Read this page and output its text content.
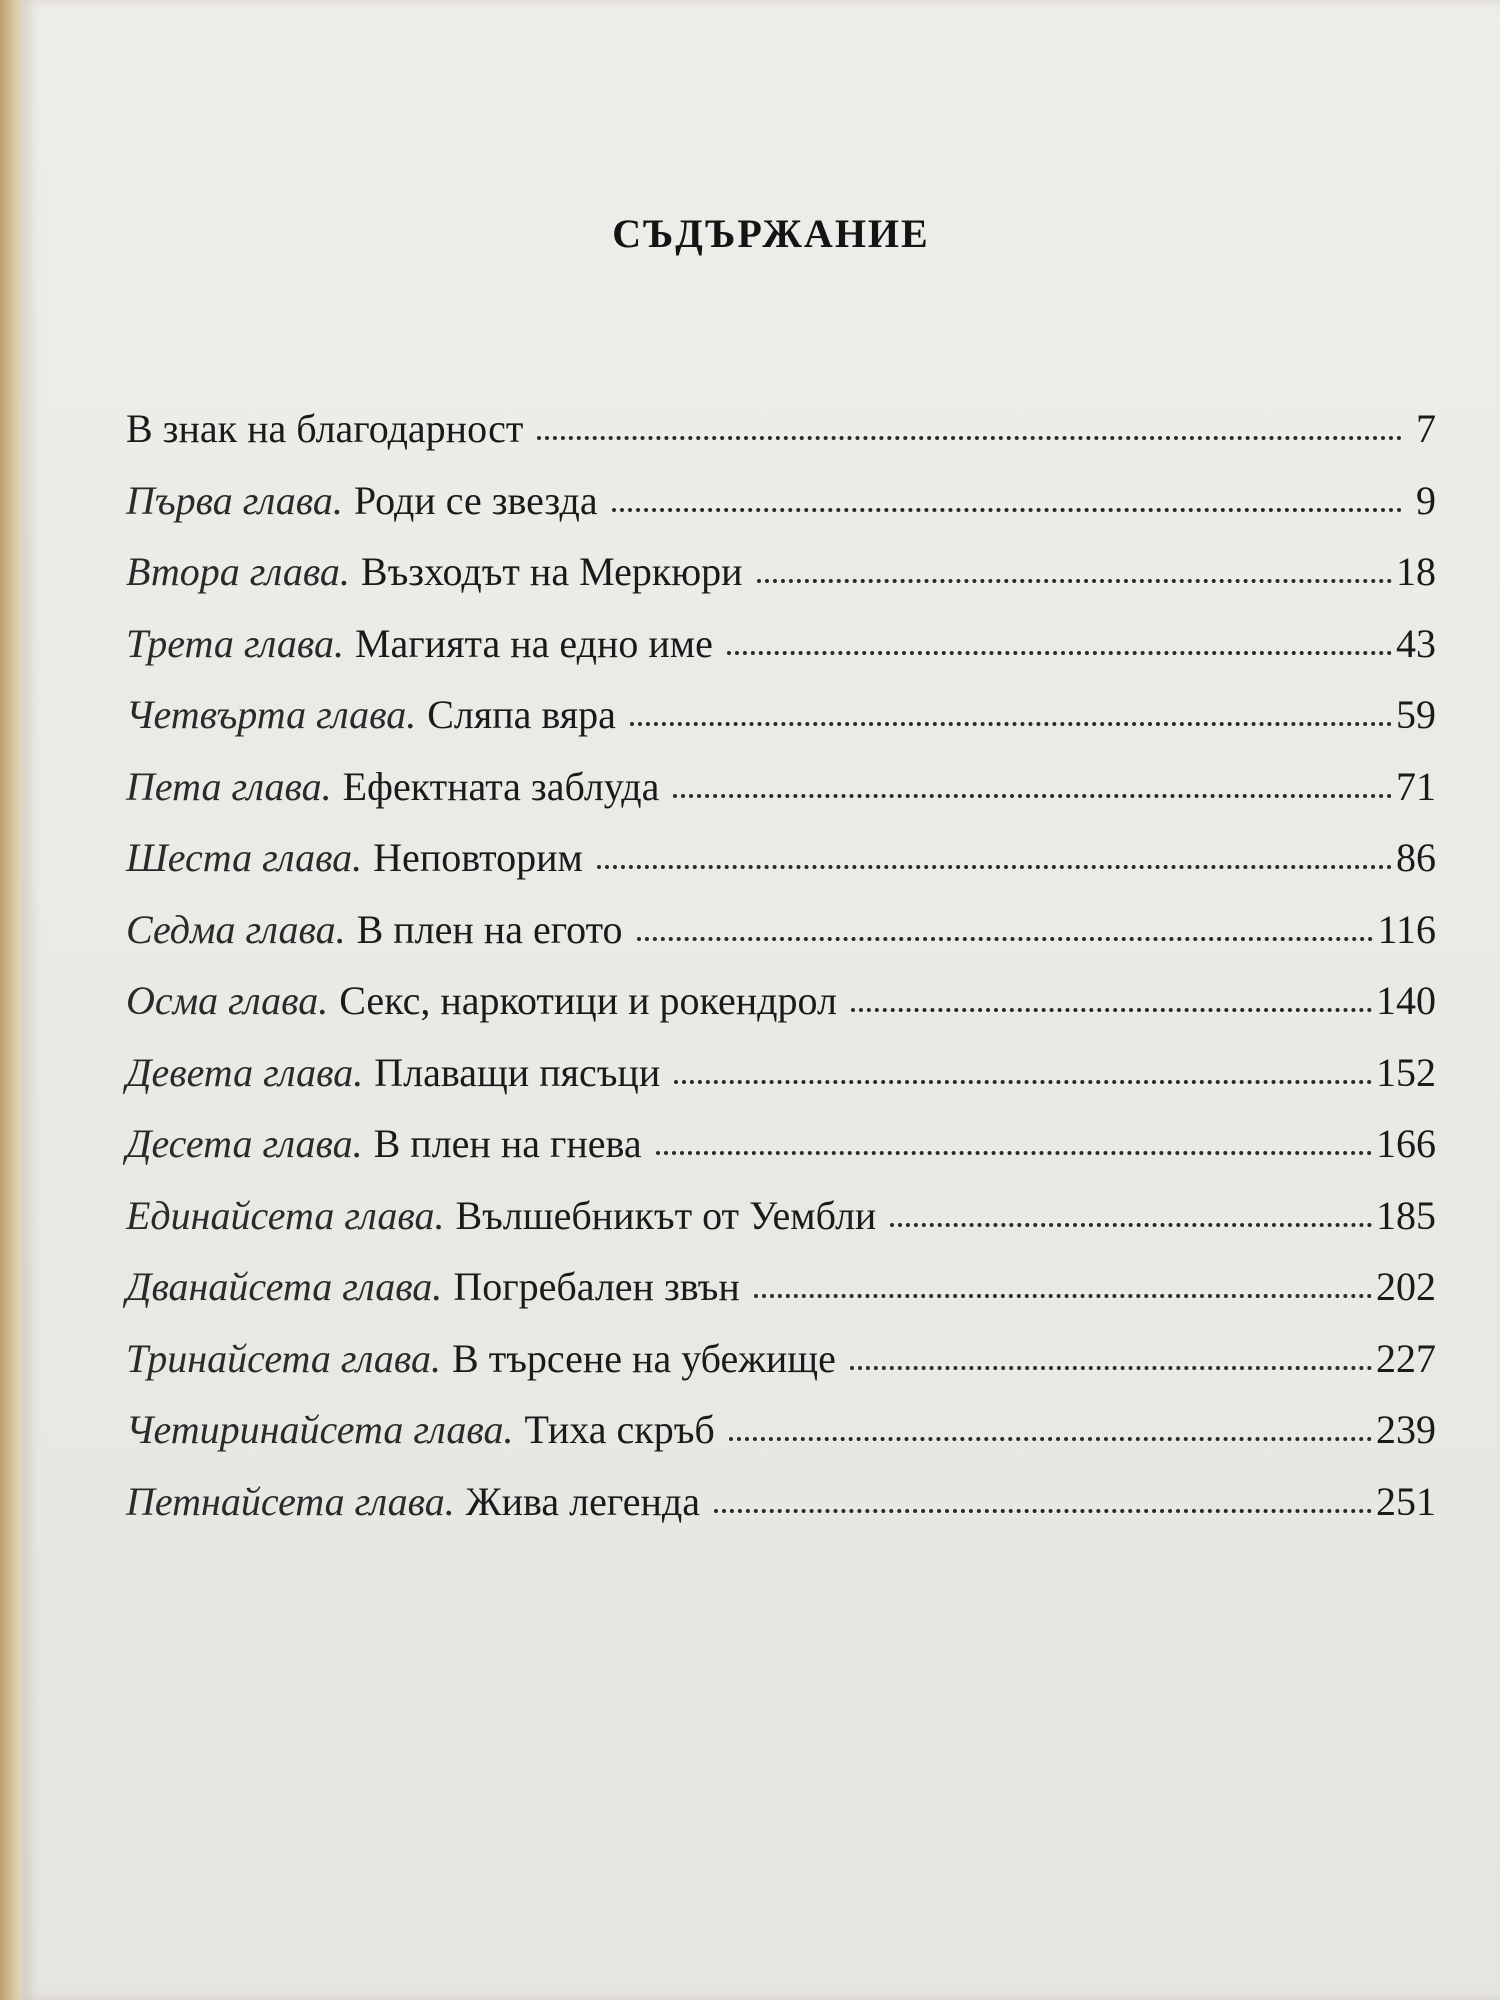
СЪДЪРЖАНИЕ
В знак на благодарност	7
Първа глава. Роди се звезда	9
Втора глава. Възходът на Меркюри	18
Трета глава. Магията на едно име	43
Четвърта глава. Сляпа вяра	59
Пета глава. Ефектната заблуда	71
Шеста глава. Неповторим	86
Седма глава. В плен на егото	116
Осма глава. Секс, наркотици и рокендрол	140
Девета глава. Плаващи пясъци	152
Десета глава. В плен на гнева	166
Единайсета глава. Вълшебникът от Уембли	185
Дванайсета глава. Погребален звън	202
Тринайсета глава. В търсене на убежище	227
Четиринайсета глава. Тиха скръб	239
Петнайсета глава. Жива легенда	251
